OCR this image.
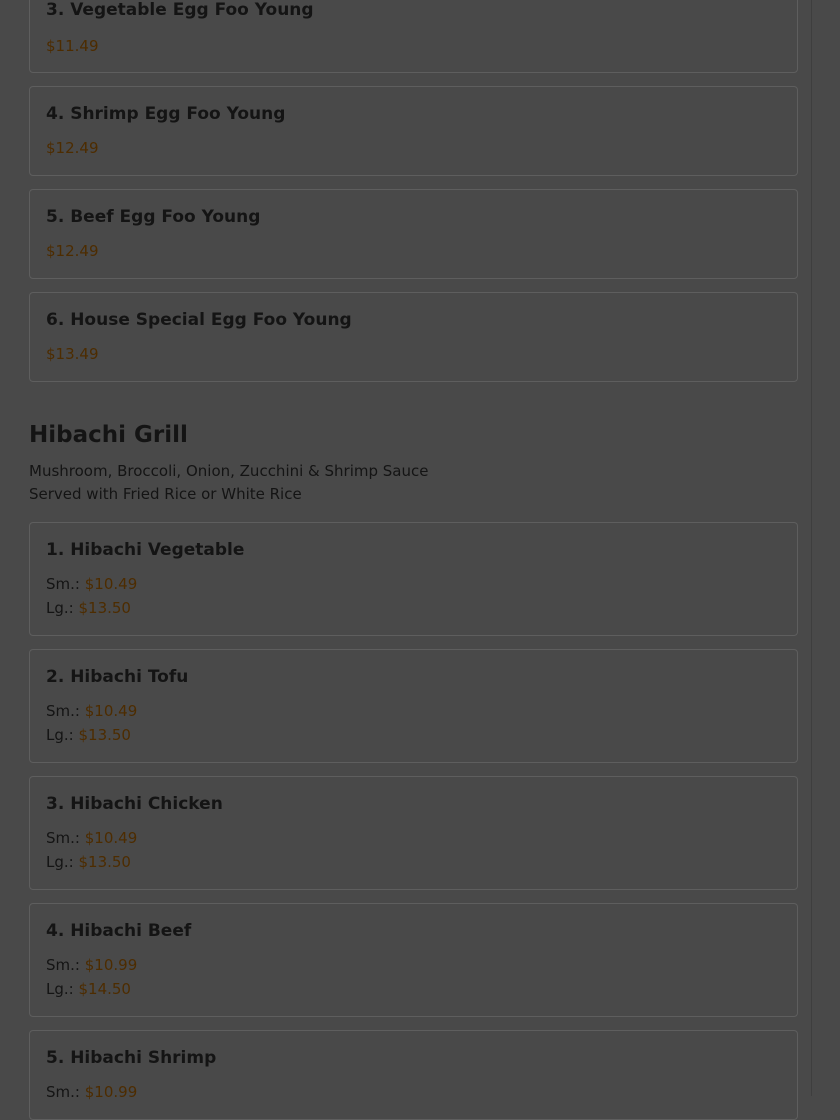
3. Vegetable Egg Foo Young
$11.49
4. Shrimp Egg Foo Young
$12.49
5. Beef Egg Foo Young
$12.49
6. House Special Egg Foo Young
$13.49
Hibachi Grill
Mushroom, Broccoli, Onion, Zucchini & Shrimp Sauce
Served with Fried Rice or White Rice
1. Hibachi Vegetable
Sm.: $10.49
Lg.: $13.50
2. Hibachi Tofu
Sm.: $10.49
Lg.: $13.50
3. Hibachi Chicken
Sm.: $10.49
Lg.: $13.50
4. Hibachi Beef
Sm.: $10.99
Lg.: $14.50
5. Hibachi Shrimp
Sm.: $10.99
